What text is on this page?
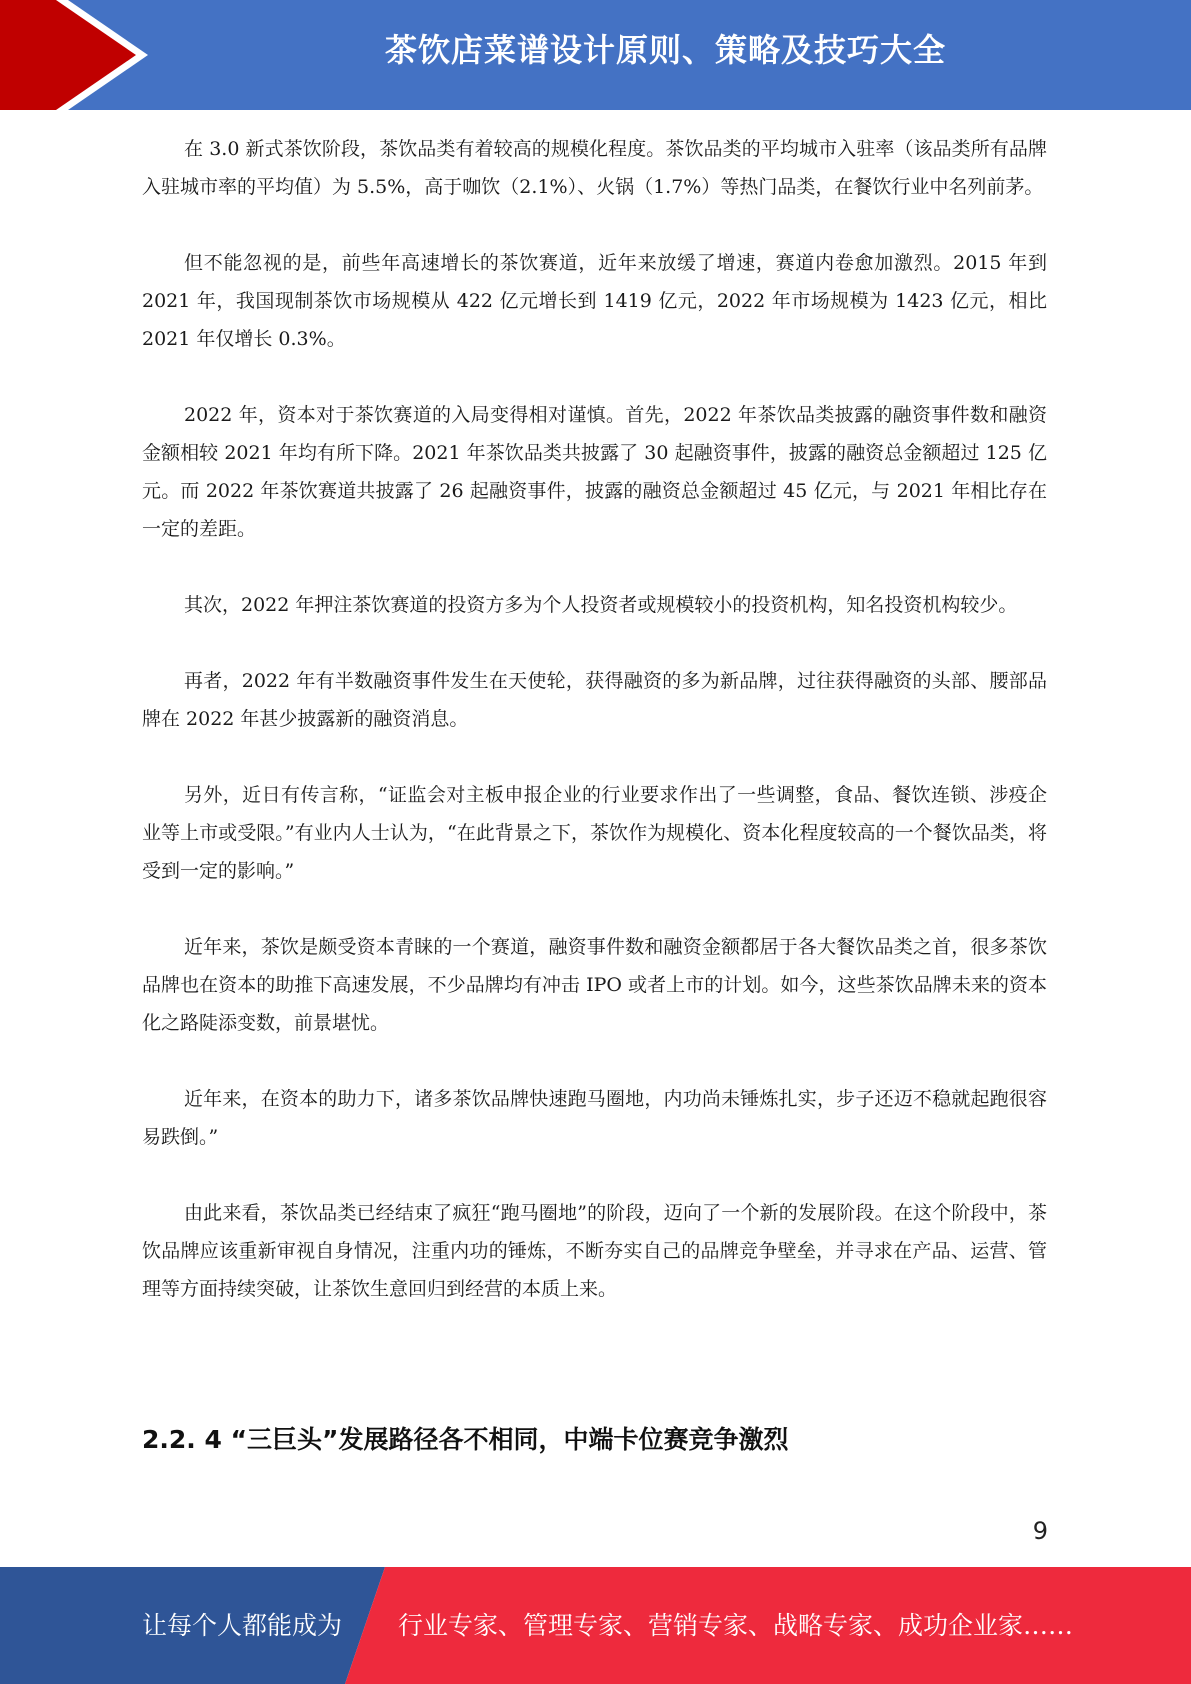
茶饮店菜谱设计原则、策略及技巧大全

在 3.0 新式茶饮阶段，茶饮品类有着较高的规模化程度。茶饮品类的平均城市入驻率（该品类所有品牌入驻城市率的平均值）为 5.5%，高于咖饮（2.1%）、火锅（1.7%）等热门品类，在餐饮行业中名列前茅。

但不能忽视的是，前些年高速增长的茶饮赛道，近年来放缓了增速，赛道内卷愈加激烈。2015 年到 2021 年，我国现制茶饮市场规模从 422 亿元增长到 1419 亿元，2022 年市场规模为 1423 亿元，相比 2021 年仅增长 0.3%。

2022 年，资本对于茶饮赛道的入局变得相对谨慎。首先，2022 年茶饮品类披露的融资事件数和融资金额相较 2021 年均有所下降。2021 年茶饮品类共披露了 30 起融资事件，披露的融资总金额超过 125 亿元。而 2022 年茶饮赛道共披露了 26 起融资事件，披露的融资总金额超过 45 亿元，与 2021 年相比存在一定的差距。

其次，2022 年押注茶饮赛道的投资方多为个人投资者或规模较小的投资机构，知名投资机构较少。

再者，2022 年有半数融资事件发生在天使轮，获得融资的多为新品牌，过往获得融资的头部、腰部品牌在 2022 年甚少披露新的融资消息。

另外，近日有传言称，“证监会对主板申报企业的行业要求作出了一些调整，食品、餐饮连锁、涉疫企业等上市或受限。”有业内人士认为，“在此背景之下，茶饮作为规模化、资本化程度较高的一个餐饮品类，将受到一定的影响。”

近年来，茶饮是颇受资本青睐的一个赛道，融资事件数和融资金额都居于各大餐饮品类之首，很多茶饮品牌也在资本的助推下高速发展，不少品牌均有冲击 IPO 或者上市的计划。如今，这些茶饮品牌未来的资本化之路陡添变数，前景堪忧。

近年来，在资本的助力下，诸多茶饮品牌快速跑马圈地，内功尚未锤炼扎实，步子还迈不稳就起跑很容易跌倒。”

由此来看，茶饮品类已经结束了疯狂“跑马圈地”的阶段，迈向了一个新的发展阶段。在这个阶段中，茶饮品牌应该重新审视自身情况，注重内功的锤炼，不断夯实自己的品牌竞争壁垒，并寻求在产品、运营、管理等方面持续突破，让茶饮生意回归到经营的本质上来。

2.2. 4 “三巨头”发展路径各不相同，中端卡位赛竞争激烈
9
让每个人都能成为 行业专家、管理专家、营销专家、战略专家、成功企业家……
